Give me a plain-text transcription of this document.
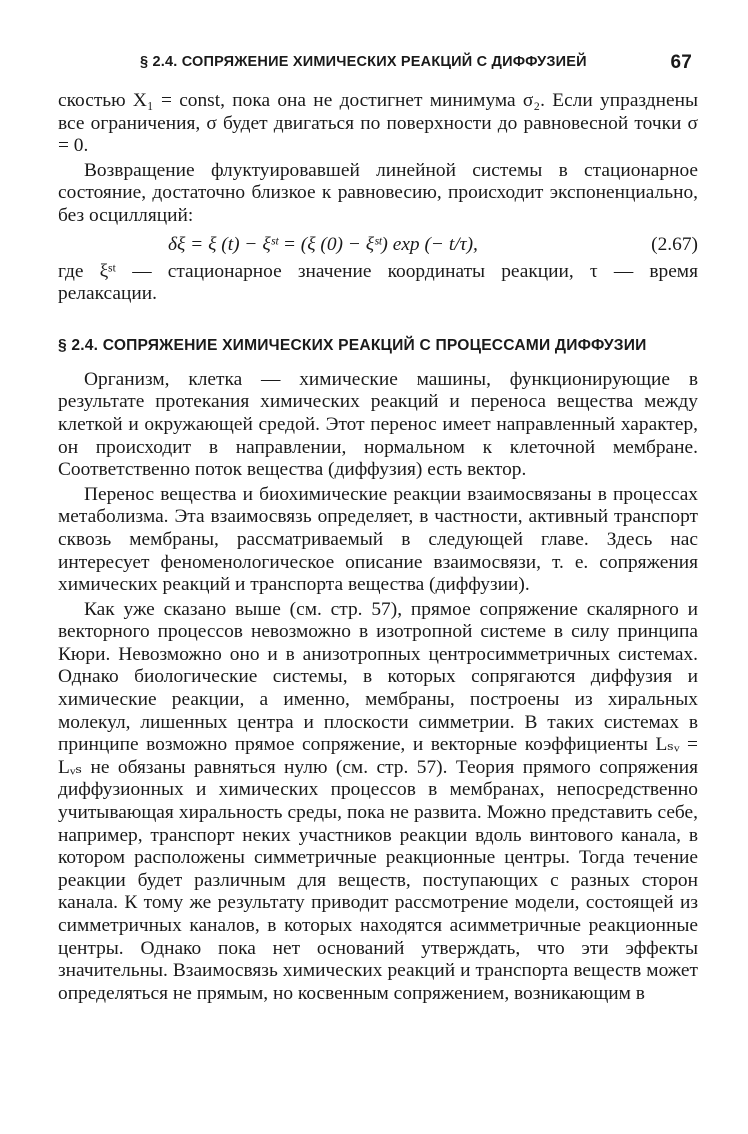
§ 2.4. СОПРЯЖЕНИЕ ХИМИЧЕСКИХ РЕАКЦИЙ С ДИФФУЗИЕЙ	67

скостью X₁ = const, пока она не достигнет минимума σ₂. Если упразднены все ограничения, σ будет двигаться по поверхности до равновесной точки σ = 0.

Возвращение флуктуировавшей линейной системы в стационарное состояние, достаточно близкое к равновесию, происходит экспоненциально, без осцилляций:

δξ = ξ (t) − ξˢᵗ = (ξ (0) − ξˢᵗ) exp (− t/τ),	(2.67)

где ξˢᵗ — стационарное значение координаты реакции, τ — время релаксации.

§ 2.4. СОПРЯЖЕНИЕ ХИМИЧЕСКИХ РЕАКЦИЙ С ПРОЦЕССАМИ ДИФФУЗИИ

Организм, клетка — химические машины, функционирующие в результате протекания химических реакций и переноса вещества между клеткой и окружающей средой. Этот перенос имеет направленный характер, он происходит в направлении, нормальном к клеточной мембране. Соответственно поток вещества (диффузия) есть вектор.

Перенос вещества и биохимические реакции взаимосвязаны в процессах метаболизма. Эта взаимосвязь определяет, в частности, активный транспорт сквозь мембраны, рассматриваемый в следующей главе. Здесь нас интересует феноменологическое описание взаимосвязи, т. е. сопряжения химических реакций и транспорта вещества (диффузии).

Как уже сказано выше (см. стр. 57), прямое сопряжение скалярного и векторного процессов невозможно в изотропной системе в силу принципа Кюри. Невозможно оно и в анизотропных центросимметричных системах. Однако биологические системы, в которых сопрягаются диффузия и химические реакции, а именно, мембраны, построены из хиральных молекул, лишенных центра и плоскости симметрии. В таких системах в принципе возможно прямое сопряжение, и векторные коэффициенты Lₛᵥ = Lᵥₛ не обязаны равняться нулю (см. стр. 57). Теория прямого сопряжения диффузионных и химических процессов в мембранах, непосредственно учитывающая хиральность среды, пока не развита. Можно представить себе, например, транспорт неких участников реакции вдоль винтового канала, в котором расположены симметричные реакционные центры. Тогда течение реакции будет различным для веществ, поступающих с разных сторон канала. К тому же результату приводит рассмотрение модели, состоящей из симметричных каналов, в которых находятся асимметричные реакционные центры. Однако пока нет оснований утверждать, что эти эффекты значительны. Взаимосвязь химических реакций и транспорта веществ может определяться не прямым, но косвенным сопряжением, возникающим в
